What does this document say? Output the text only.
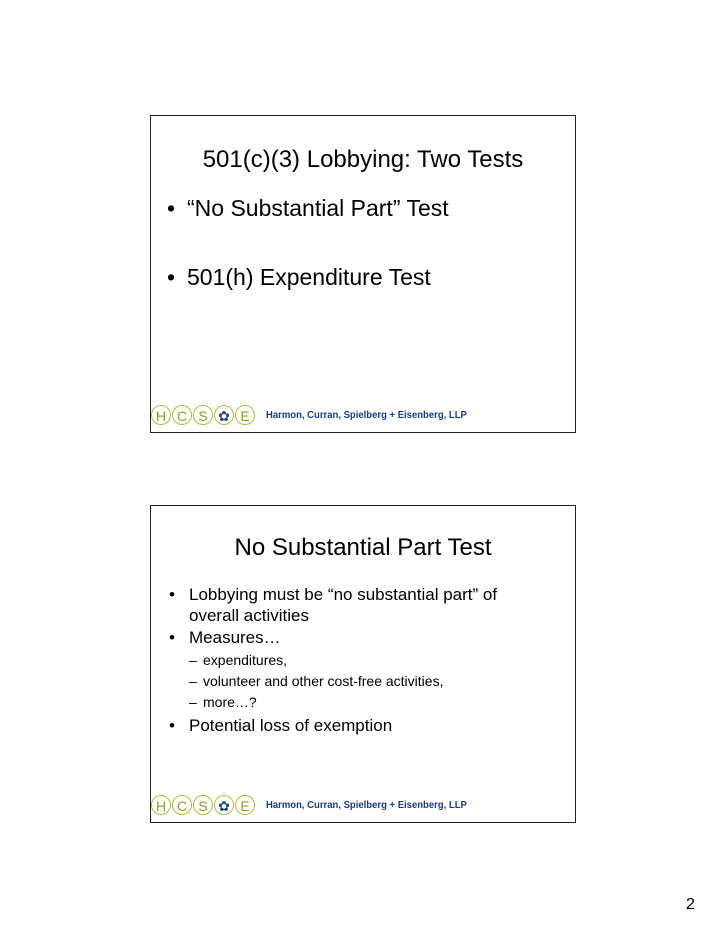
501(c)(3) Lobbying: Two Tests
• “No Substantial Part” Test
• 501(h) Expenditure Test
H C S ✿ E	Harmon, Curran, Spielberg + Eisenberg, LLP
No Substantial Part Test
• Lobbying must be “no substantial part” of overall activities
• Measures…
– expenditures,
– volunteer and other cost-free activities,
– more…?
• Potential loss of exemption
H C S ✿ E	Harmon, Curran, Spielberg + Eisenberg, LLP
2
